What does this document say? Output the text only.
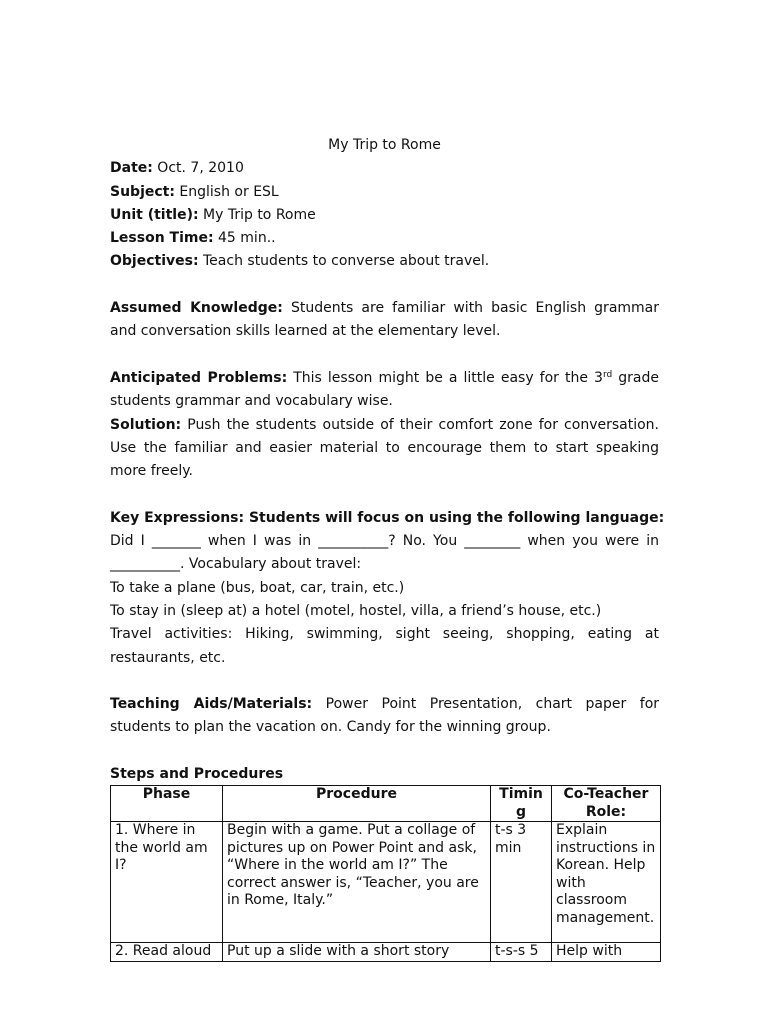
My Trip to Rome

Date: Oct. 7, 2010

Subject: English or ESL

Unit (title): My Trip to Rome

Lesson Time: 45 min..

Objectives: Teach students to converse about travel.

Assumed Knowledge: Students are familiar with basic English grammar and conversation skills learned at the elementary level.

Anticipated Problems: This lesson might be a little easy for the 3rd grade students grammar and vocabulary wise.

Solution: Push the students outside of their comfort zone for conversation. Use the familiar and easier material to encourage them to start speaking more freely.

Key Expressions: Students will focus on using the following language:

Did I _______ when I was in __________? No. You ________ when you were in __________. Vocabulary about travel:

To take a plane (bus, boat, car, train, etc.)

To stay in (sleep at) a hotel (motel, hostel, villa, a friend’s house, etc.)

Travel activities: Hiking, swimming, sight seeing, shopping, eating at restaurants, etc.

Teaching Aids/Materials: Power Point Presentation, chart paper for students to plan the vacation on. Candy for the winning group.

Steps and Procedures

Phase	Procedure	Timin g	Co-Teacher Role:
1. Where in the world am I?	Begin with a game. Put a collage of pictures up on Power Point and ask, “Where in the world am I?” The correct answer is, “Teacher, you are in Rome, Italy.”	t-s 3 min	Explain instructions in Korean. Help with classroom management.
2. Read aloud	Put up a slide with a short story	t-s-s 5	Help with
